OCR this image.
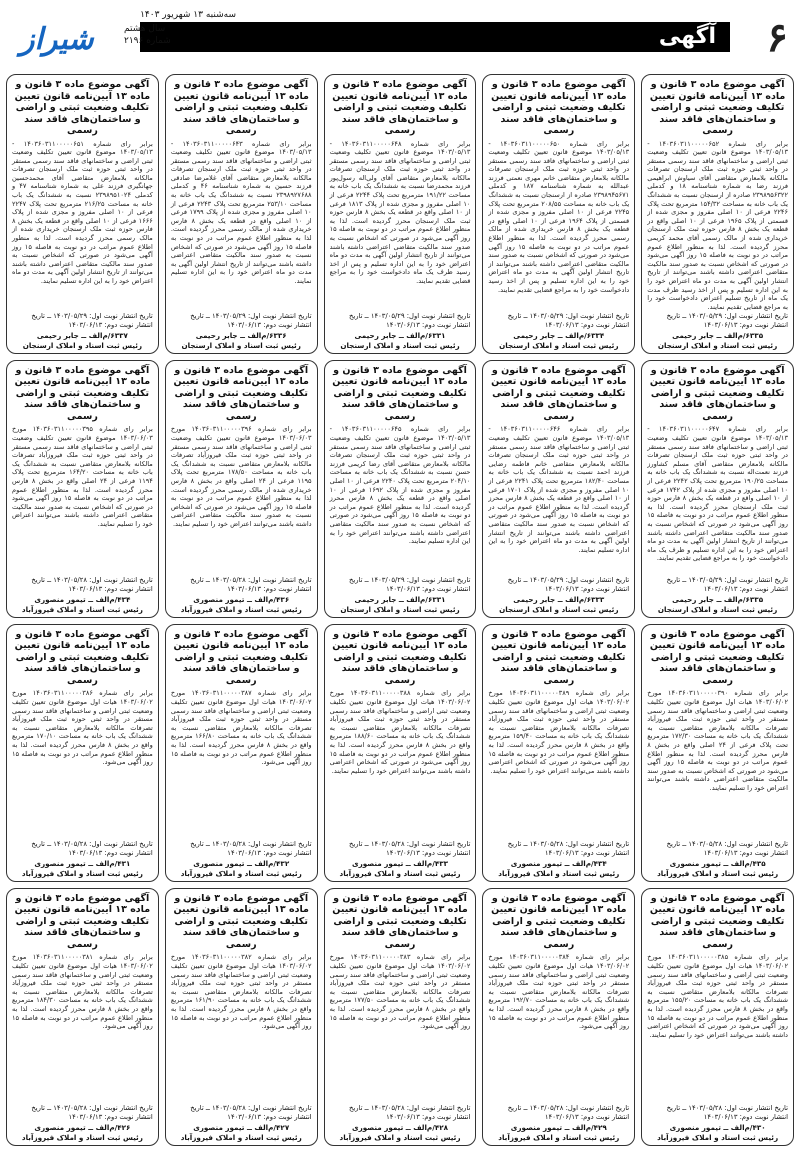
۶
آگهی
شیراز
سه‌شنبه ۱۳ شهریور ۱۴۰۳
سال هشتم
شماره ۲۱۹۶
آگهی موضوع ماده ۳ قانون و ماده ۱۳ آیین‌نامه قانون تعیین تکلیف وضعیت ثبتی و اراضی و ساختمان‌های فاقد سند رسمی
برابر رای شماره ۱۴۰۳۶۰۳۱۱۰۰۰۰۰۶۵۲ - ۱۴۰۳/۰۵/۱۳ موضوع قانون تعیین تکلیف وضعیت ثبتی اراضی و ساختمانهای فاقد سند رسمی مستقر در واحد ثبتی حوزه ثبت ملک ارسنجان تصرفات مالکانه بلامعارض متقاضی آقای سیاوش ابراهیمی فرزند رضا به شماره شناسنامه ۱۸ و کدملی ۲۳۹۸۹۵۶۳۲۲ صادره از ارسنجان نسبت به ششدانگ یک باب خانه به مساحت ۱۵۴/۳۲ مترمربع تحت پلاک ۲۲۴۶ فرعی از ۱۰ اصلی مفروز و مجزی شده از قسمتی از پلاک ۱۹۶۵ فرعی از ۱۰ اصلی واقع در قطعه یک بخش ۸ فارس حوزه ثبت ملک ارسنجان خریداری شده از مالک رسمی آقای محمد کریمی محرز گردیده است. لذا به منظور اطلاع عموم مراتب در دو نوبت به فاصله ۱۵ روز آگهی می‌شود در صورتی که اشخاص نسبت به صدور سند مالکیت متقاضی اعتراضی داشته باشند می‌توانند از تاریخ انتشار اولین آگهی به مدت دو ماه اعتراض خود را به این اداره تسلیم و پس از اخذ رسید ظرف مدت یک ماه از تاریخ تسلیم اعتراض دادخواست خود را به مراجع قضایی تقدیم نمایند.
تاریخ انتشار نوبت اول: ۱۴۰۳/۰۵/۲۹ ــ تاریخ انتشار نوبت دوم: ۱۴۰۳/۰۶/۱۳
۶۳۳۵/م‌الف ــ جابر رحیمی
رئیس ثبت اسناد و املاک ارسنجان
آگهی موضوع ماده ۳ قانون و ماده ۱۳ آیین‌نامه قانون تعیین تکلیف وضعیت ثبتی و اراضی و ساختمان‌های فاقد سند رسمی
برابر رای شماره ۱۴۰۳۶۰۳۱۱۰۰۰۰۰۶۵۰ - ۱۴۰۳/۰۵/۱۳ موضوع قانون تعیین تکلیف وضعیت ثبتی اراضی و ساختمانهای فاقد سند رسمی مستقر در واحد ثبتی حوزه ثبت ملک ارسنجان تصرفات مالکانه بلامعارض متقاضی خانم مهری نعمتی فرزند عبدالله به شماره شناسنامه ۱۸۷ و کدملی ۲۳۹۸۹۴۵۶۷۱ صادره از ارسنجان نسبت به ششدانگ یک باب خانه به مساحت ۲۰۸/۵۵ مترمربع تحت پلاک ۲۲۴۵ فرعی از ۱۰ اصلی مفروز و مجزی شده از قسمتی از پلاک ۱۹۶۴ فرعی از ۱۰ اصلی واقع در قطعه یک بخش ۸ فارس خریداری شده از مالک رسمی محرز گردیده است. لذا به منظور اطلاع عموم مراتب در دو نوبت به فاصله ۱۵ روز آگهی می‌شود در صورتی که اشخاص نسبت به صدور سند مالکیت متقاضی اعتراضی داشته باشند می‌توانند از تاریخ انتشار اولین آگهی به مدت دو ماه اعتراض خود را به این اداره تسلیم و پس از اخذ رسید دادخواست خود را به مراجع قضایی تقدیم نمایند.
تاریخ انتشار نوبت اول: ۱۴۰۳/۰۵/۲۹ ــ تاریخ انتشار نوبت دوم: ۱۴۰۳/۰۶/۱۳
۶۳۳۴/م‌الف ــ جابر رحیمی
رئیس ثبت اسناد و املاک ارسنجان
آگهی موضوع ماده ۳ قانون و ماده ۱۳ آیین‌نامه قانون تعیین تکلیف وضعیت ثبتی و اراضی و ساختمان‌های فاقد سند رسمی
برابر رای شماره ۱۴۰۳۶۰۳۱۱۰۰۰۰۰۶۴۸ - ۱۴۰۳/۰۵/۱۳ موضوع قانون تعیین تکلیف وضعیت ثبتی اراضی و ساختمانهای فاقد سند رسمی مستقر در واحد ثبتی حوزه ثبت ملک ارسنجان تصرفات مالکانه بلامعارض متقاضی آقای ولی‌اله رسول‌پور فرزند محمدرضا نسبت به ششدانگ یک باب خانه به مساحت ۱۹۱/۲۲ مترمربع تحت پلاک ۲۲۴۴ فرعی از ۱۰ اصلی مفروز و مجزی شده از پلاک ۱۸۱۳ فرعی از ۱۰ اصلی واقع در قطعه یک بخش ۸ فارس حوزه ثبت ملک ارسنجان محرز گردیده است. لذا به منظور اطلاع عموم مراتب در دو نوبت به فاصله ۱۵ روز آگهی می‌شود در صورتی که اشخاص نسبت به صدور سند مالکیت متقاضی اعتراضی داشته باشند می‌توانند از تاریخ انتشار اولین آگهی به مدت دو ماه اعتراض خود را به این اداره تسلیم و پس از اخذ رسید ظرف یک ماه دادخواست خود را به مراجع قضایی تقدیم نمایند.
تاریخ انتشار نوبت اول: ۱۴۰۳/۰۵/۲۹ ــ تاریخ انتشار نوبت دوم: ۱۴۰۳/۰۶/۱۳
۶۳۳۱/م‌الف ــ جابر رحیمی
رئیس ثبت اسناد و املاک ارسنجان
آگهی موضوع ماده ۳ قانون و ماده ۱۳ آیین‌نامه قانون تعیین تکلیف وضعیت ثبتی و اراضی و ساختمان‌های فاقد سند رسمی
برابر رای شماره ۱۴۰۳۶۰۳۱۱۰۰۰۰۰۶۴۳ - ۱۴۰۳/۰۵/۱۳ موضوع قانون تعیین تکلیف وضعیت ثبتی اراضی و ساختمانهای فاقد سند رسمی مستقر در واحد ثبتی حوزه ثبت ملک ارسنجان تصرفات مالکانه بلامعارض متقاضی آقای غلامرضا صادقی فرزند حسین به شماره شناسنامه ۴۶ و کدملی ۲۳۹۸۹۲۷۶۸۸ نسبت به ششدانگ یک باب خانه به مساحت ۲۵۳/۱۰ مترمربع تحت پلاک ۲۲۴۳ فرعی از ۱۰ اصلی مفروز و مجزی شده از پلاک ۱۷۹۹ فرعی از ۱۰ اصلی واقع در قطعه یک بخش ۸ فارس خریداری شده از مالک رسمی محرز گردیده است. لذا به منظور اطلاع عموم مراتب در دو نوبت به فاصله ۱۵ روز آگهی می‌شود در صورتی که اشخاص نسبت به صدور سند مالکیت متقاضی اعتراضی داشته باشند می‌توانند از تاریخ انتشار اولین آگهی به مدت دو ماه اعتراض خود را به این اداره تسلیم نمایند.
تاریخ انتشار نوبت اول: ۱۴۰۳/۰۵/۲۹ ــ تاریخ انتشار نوبت دوم: ۱۴۰۳/۰۶/۱۳
۶۳۳۶/م‌الف ــ جابر رحیمی
رئیس ثبت اسناد و املاک ارسنجان
آگهی موضوع ماده ۳ قانون و ماده ۱۳ آیین‌نامه قانون تعیین تکلیف وضعیت ثبتی و اراضی و ساختمان‌های فاقد سند رسمی
برابر رای شماره ۱۴۰۳۶۰۳۱۱۰۰۰۰۰۶۵۱ - ۱۴۰۳/۰۵/۱۳ موضوع قانون تعیین تکلیف وضعیت ثبتی اراضی و ساختمانهای فاقد سند رسمی مستقر در واحد ثبتی حوزه ثبت ملک ارسنجان تصرفات مالکانه بلامعارض متقاضی آقای محمدحسین جهانگیری فرزند علی به شماره شناسنامه ۴۷ و کدملی ۲۳۹۸۹۵۱۰۲۴ نسبت به ششدانگ یک باب خانه به مساحت ۲۱۶/۲۵ مترمربع تحت پلاک ۲۲۴۷ فرعی از ۱۰ اصلی مفروز و مجزی شده از پلاک ۱۶۶۶ فرعی از ۱۰ اصلی واقع در قطعه یک بخش ۸ فارس حوزه ثبت ملک ارسنجان خریداری شده از مالک رسمی محرز گردیده است. لذا به منظور اطلاع عموم مراتب در دو نوبت به فاصله ۱۵ روز آگهی می‌شود در صورتی که اشخاص نسبت به صدور سند مالکیت متقاضی اعتراضی داشته باشند می‌توانند از تاریخ انتشار اولین آگهی به مدت دو ماه اعتراض خود را به این اداره تسلیم نمایند.
تاریخ انتشار نوبت اول: ۱۴۰۳/۰۵/۲۹ ــ تاریخ انتشار نوبت دوم: ۱۴۰۳/۰۶/۱۳
۶۳۳۷/م‌الف ــ جابر رحیمی
رئیس ثبت اسناد و املاک ارسنجان
آگهی موضوع ماده ۳ قانون و ماده ۱۳ آیین‌نامه قانون تعیین تکلیف وضعیت ثبتی و اراضی و ساختمان‌های فاقد سند رسمی
برابر رای شماره ۱۴۰۳۶۰۳۱۱۰۰۰۰۰۶۴۷ - ۱۴۰۳/۰۵/۱۳ موضوع قانون تعیین تکلیف وضعیت ثبتی اراضی و ساختمانهای فاقد سند رسمی مستقر در واحد ثبتی حوزه ثبت ملک ارسنجان تصرفات مالکانه بلامعارض متقاضی آقای مسلم کشاورز فرزند نعمت‌اله نسبت به ششدانگ یک باب خانه به مساحت ۱۹۰/۲۵ مترمربع تحت پلاک ۲۲۴۲ فرعی از ۱۰ اصلی مفروز و مجزی شده از پلاک ۱۷۴۲ فرعی از ۱۰ اصلی واقع در قطعه یک بخش ۸ فارس حوزه ثبت ملک ارسنجان محرز گردیده است. لذا به منظور اطلاع عموم مراتب در دو نوبت به فاصله ۱۵ روز آگهی می‌شود در صورتی که اشخاص نسبت به صدور سند مالکیت متقاضی اعتراضی داشته باشند می‌توانند از تاریخ انتشار اولین آگهی به مدت دو ماه اعتراض خود را به این اداره تسلیم و ظرف یک ماه دادخواست خود را به مراجع قضایی تقدیم نمایند.
تاریخ انتشار نوبت اول: ۱۴۰۳/۰۵/۲۹ ــ تاریخ انتشار نوبت دوم: ۱۴۰۳/۰۶/۱۳
۶۳۳۵/م‌الف ــ جابر رحیمی
رئیس ثبت اسناد و املاک ارسنجان
آگهی موضوع ماده ۳ قانون و ماده ۱۳ آیین‌نامه قانون تعیین تکلیف وضعیت ثبتی و اراضی و ساختمان‌های فاقد سند رسمی
برابر رای شماره ۱۴۰۳۶۰۳۱۱۰۰۰۰۰۶۴۶ - ۱۴۰۳/۰۵/۱۳ موضوع قانون تعیین تکلیف وضعیت ثبتی اراضی و ساختمانهای فاقد سند رسمی مستقر در واحد ثبتی حوزه ثبت ملک ارسنجان تصرفات مالکانه بلامعارض متقاضی خانم فاطمه رضایی فرزند احمد نسبت به ششدانگ یک باب خانه به مساحت ۱۸۲/۴۰ مترمربع تحت پلاک ۲۲۴۱ فرعی از ۱۰ اصلی مفروز و مجزی شده از پلاک ۱۷۰۱ فرعی از ۱۰ اصلی واقع در قطعه یک بخش ۸ فارس محرز گردیده است. لذا به منظور اطلاع عموم مراتب در دو نوبت به فاصله ۱۵ روز آگهی می‌شود در صورتی که اشخاص نسبت به صدور سند مالکیت متقاضی اعتراضی داشته باشند می‌توانند از تاریخ انتشار اولین آگهی به مدت دو ماه اعتراض خود را به این اداره تسلیم نمایند.
تاریخ انتشار نوبت اول: ۱۴۰۳/۰۵/۲۹ ــ تاریخ انتشار نوبت دوم: ۱۴۰۳/۰۶/۱۳
۶۳۳۳/م‌الف ــ جابر رحیمی
رئیس ثبت اسناد و املاک ارسنجان
آگهی موضوع ماده ۳ قانون و ماده ۱۳ آیین‌نامه قانون تعیین تکلیف وضعیت ثبتی و اراضی و ساختمان‌های فاقد سند رسمی
برابر رای شماره ۱۴۰۳۶۰۳۱۱۰۰۰۰۰۶۴۵ - ۱۴۰۳/۰۵/۱۳ موضوع قانون تعیین تکلیف وضعیت ثبتی اراضی و ساختمانهای فاقد سند رسمی مستقر در واحد ثبتی حوزه ثبت ملک ارسنجان تصرفات مالکانه بلامعارض متقاضی آقای رضا کریمی فرزند حسن نسبت به ششدانگ یک باب خانه به مساحت ۲۰۴/۱۰ مترمربع تحت پلاک ۲۲۴۰ فرعی از ۱۰ اصلی مفروز و مجزی شده از پلاک ۱۶۹۲ فرعی از ۱۰ اصلی واقع در قطعه یک بخش ۸ فارس محرز گردیده است. لذا به منظور اطلاع عموم مراتب در دو نوبت به فاصله ۱۵ روز آگهی می‌شود در صورتی که اشخاص نسبت به صدور سند مالکیت متقاضی اعتراضی داشته باشند می‌توانند اعتراض خود را به این اداره تسلیم نمایند.
تاریخ انتشار نوبت اول: ۱۴۰۳/۰۵/۲۹ ــ تاریخ انتشار نوبت دوم: ۱۴۰۳/۰۶/۱۳
۶۳۳۱/م‌الف ــ جابر رحیمی
رئیس ثبت اسناد و املاک ارسنجان
آگهی موضوع ماده ۳ قانون و ماده ۱۳ آیین‌نامه قانون تعیین تکلیف وضعیت ثبتی و اراضی و ساختمان‌های فاقد سند رسمی
برابر رای شماره ۱۴۰۳۶۰۳۱۱۰۰۰۰۰۳۹۶ مورخ ۱۴۰۳/۰۶/۰۳ موضوع قانون تعیین تکلیف وضعیت ثبتی اراضی و ساختمانهای فاقد سند رسمی مستقر در واحد ثبتی حوزه ثبت ملک فیروزآباد تصرفات مالکانه بلامعارض متقاضی نسبت به ششدانگ یک باب خانه به مساحت ۱۷۸/۵۰ مترمربع تحت پلاک ۱۱۹۵ فرعی از ۲۴ اصلی واقع در بخش ۸ فارس خریداری شده از مالک رسمی محرز گردیده است. لذا به منظور اطلاع عموم مراتب در دو نوبت به فاصله ۱۵ روز آگهی می‌شود در صورتی که اشخاص نسبت به صدور سند مالکیت متقاضی اعتراضی داشته باشند می‌توانند اعتراض خود را تسلیم نمایند.
تاریخ انتشار نوبت اول: ۱۴۰۳/۰۵/۲۸ ــ تاریخ انتشار نوبت دوم: ۱۴۰۳/۰۶/۱۳
۴۳۶/م‌الف ــ تیمور منصوری
رئیس ثبت اسناد و املاک فیروزآباد
آگهی موضوع ماده ۳ قانون و ماده ۱۳ آیین‌نامه قانون تعیین تکلیف وضعیت ثبتی و اراضی و ساختمان‌های فاقد سند رسمی
برابر رای شماره ۱۴۰۳۶۰۳۱۱۰۰۰۰۰۳۹۵ مورخ ۱۴۰۳/۰۶/۰۳ موضوع قانون تعیین تکلیف وضعیت ثبتی اراضی و ساختمانهای فاقد سند رسمی مستقر در واحد ثبتی حوزه ثبت ملک فیروزآباد تصرفات مالکانه بلامعارض متقاضی نسبت به ششدانگ یک باب خانه به مساحت ۱۶۴/۲۰ مترمربع تحت پلاک ۱۱۹۴ فرعی از ۲۴ اصلی واقع در بخش ۸ فارس محرز گردیده است. لذا به منظور اطلاع عموم مراتب در دو نوبت به فاصله ۱۵ روز آگهی می‌شود در صورتی که اشخاص نسبت به صدور سند مالکیت متقاضی اعتراضی داشته باشند می‌توانند اعتراض خود را تسلیم نمایند.
تاریخ انتشار نوبت اول: ۱۴۰۳/۰۵/۲۸ ــ تاریخ انتشار نوبت دوم: ۱۴۰۳/۰۶/۱۳
۴۳۴/م‌الف ــ تیمور منصوری
رئیس ثبت اسناد و املاک فیروزآباد
آگهی موضوع ماده ۳ قانون و ماده ۱۳ آیین‌نامه قانون تعیین تکلیف وضعیت ثبتی و اراضی و ساختمان‌های فاقد سند رسمی
برابر رای شماره ۱۴۰۳۶۰۳۱۱۰۰۰۰۰۳۹۰ مورخ ۱۴۰۳/۰۶/۰۲ هیات اول موضوع قانون تعیین تکلیف وضعیت ثبتی اراضی و ساختمانهای فاقد سند رسمی مستقر در واحد ثبتی حوزه ثبت ملک فیروزآباد تصرفات مالکانه بلامعارض متقاضی نسبت به ششدانگ یک باب خانه به مساحت ۱۷۲/۳۰ مترمربع تحت پلاک فرعی از ۲۴ اصلی واقع در بخش ۸ فارس محرز گردیده است. لذا به منظور اطلاع عموم مراتب در دو نوبت به فاصله ۱۵ روز آگهی می‌شود در صورتی که اشخاص نسبت به صدور سند مالکیت متقاضی اعتراضی داشته باشند می‌توانند اعتراض خود را تسلیم نمایند.
تاریخ انتشار نوبت اول: ۱۴۰۳/۰۵/۲۸ ــ تاریخ انتشار نوبت دوم: ۱۴۰۳/۰۶/۱۳
۴۳۵/م‌الف ــ تیمور منصوری
رئیس ثبت اسناد و املاک فیروزآباد
آگهی موضوع ماده ۳ قانون و ماده ۱۳ آیین‌نامه قانون تعیین تکلیف وضعیت ثبتی و اراضی و ساختمان‌های فاقد سند رسمی
برابر رای شماره ۱۴۰۳۶۰۳۱۱۰۰۰۰۰۳۸۹ مورخ ۱۴۰۳/۰۶/۰۲ هیات اول موضوع قانون تعیین تکلیف وضعیت ثبتی اراضی و ساختمانهای فاقد سند رسمی مستقر در واحد ثبتی حوزه ثبت ملک فیروزآباد تصرفات مالکانه بلامعارض متقاضی نسبت به ششدانگ یک باب خانه به مساحت ۱۵۹/۴۰ مترمربع واقع در بخش ۸ فارس محرز گردیده است. لذا به منظور اطلاع عموم مراتب در دو نوبت به فاصله ۱۵ روز آگهی می‌شود در صورتی که اشخاص اعتراضی داشته باشند می‌توانند اعتراض خود را تسلیم نمایند.
تاریخ انتشار نوبت اول: ۱۴۰۳/۰۵/۲۸ ــ تاریخ انتشار نوبت دوم: ۱۴۰۳/۰۶/۱۳
۴۳۴/م‌الف ــ تیمور منصوری
رئیس ثبت اسناد و املاک فیروزآباد
آگهی موضوع ماده ۳ قانون و ماده ۱۳ آیین‌نامه قانون تعیین تکلیف وضعیت ثبتی و اراضی و ساختمان‌های فاقد سند رسمی
برابر رای شماره ۱۴۰۳۶۰۳۱۱۰۰۰۰۰۳۸۸ مورخ ۱۴۰۳/۰۶/۰۲ هیات اول موضوع قانون تعیین تکلیف وضعیت ثبتی اراضی و ساختمانهای فاقد سند رسمی مستقر در واحد ثبتی حوزه ثبت ملک فیروزآباد تصرفات مالکانه بلامعارض متقاضی نسبت به ششدانگ یک باب خانه به مساحت ۱۸۸/۶۰ مترمربع واقع در بخش ۸ فارس محرز گردیده است. لذا به منظور اطلاع عموم مراتب در دو نوبت به فاصله ۱۵ روز آگهی می‌شود در صورتی که اشخاص اعتراضی داشته باشند می‌توانند اعتراض خود را تسلیم نمایند.
تاریخ انتشار نوبت اول: ۱۴۰۳/۰۵/۲۸ ــ تاریخ انتشار نوبت دوم: ۱۴۰۳/۰۶/۱۳
۴۳۳/م‌الف ــ تیمور منصوری
رئیس ثبت اسناد و املاک فیروزآباد
آگهی موضوع ماده ۳ قانون و ماده ۱۳ آیین‌نامه قانون تعیین تکلیف وضعیت ثبتی و اراضی و ساختمان‌های فاقد سند رسمی
برابر رای شماره ۱۴۰۳۶۰۳۱۱۰۰۰۰۰۳۸۷ مورخ ۱۴۰۳/۰۶/۰۲ هیات اول موضوع قانون تعیین تکلیف وضعیت ثبتی اراضی و ساختمانهای فاقد سند رسمی مستقر در واحد ثبتی حوزه ثبت ملک فیروزآباد تصرفات مالکانه بلامعارض متقاضی نسبت به ششدانگ یک باب خانه به مساحت ۱۶۶/۸۰ مترمربع واقع در بخش ۸ فارس محرز گردیده است. لذا به منظور اطلاع عموم مراتب در دو نوبت به فاصله ۱۵ روز آگهی می‌شود.
تاریخ انتشار نوبت اول: ۱۴۰۳/۰۵/۲۸ ــ تاریخ انتشار نوبت دوم: ۱۴۰۳/۰۶/۱۳
۴۳۲/م‌الف ــ تیمور منصوری
رئیس ثبت اسناد و املاک فیروزآباد
آگهی موضوع ماده ۳ قانون و ماده ۱۳ آیین‌نامه قانون تعیین تکلیف وضعیت ثبتی و اراضی و ساختمان‌های فاقد سند رسمی
برابر رای شماره ۱۴۰۳۶۰۳۱۱۰۰۰۰۰۳۸۶ مورخ ۱۴۰۳/۰۶/۰۲ هیات اول موضوع قانون تعیین تکلیف وضعیت ثبتی اراضی و ساختمانهای فاقد سند رسمی مستقر در واحد ثبتی حوزه ثبت ملک فیروزآباد تصرفات مالکانه بلامعارض متقاضی نسبت به ششدانگ یک باب خانه به مساحت ۱۷۰/۱۰ مترمربع واقع در بخش ۸ فارس محرز گردیده است. لذا به منظور اطلاع عموم مراتب در دو نوبت به فاصله ۱۵ روز آگهی می‌شود.
تاریخ انتشار نوبت اول: ۱۴۰۳/۰۵/۲۸ ــ تاریخ انتشار نوبت دوم: ۱۴۰۳/۰۶/۱۳
۴۳۱/م‌الف ــ تیمور منصوری
رئیس ثبت اسناد و املاک فیروزآباد
آگهی موضوع ماده ۳ قانون و ماده ۱۳ آیین‌نامه قانون تعیین تکلیف وضعیت ثبتی و اراضی و ساختمان‌های فاقد سند رسمی
برابر رای شماره ۱۴۰۳۶۰۳۱۱۰۰۰۰۰۳۸۵ مورخ ۱۴۰۳/۰۶/۰۲ هیات اول موضوع قانون تعیین تکلیف وضعیت ثبتی اراضی و ساختمانهای فاقد سند رسمی مستقر در واحد ثبتی حوزه ثبت ملک فیروزآباد تصرفات مالکانه بلامعارض متقاضی نسبت به ششدانگ یک باب خانه به مساحت ۱۵۵/۲۰ مترمربع واقع در بخش ۸ فارس محرز گردیده است. لذا به منظور اطلاع عموم مراتب در دو نوبت به فاصله ۱۵ روز آگهی می‌شود در صورتی که اشخاص اعتراضی داشته باشند می‌توانند اعتراض خود را تسلیم نمایند.
تاریخ انتشار نوبت اول: ۱۴۰۳/۰۵/۲۸ ــ تاریخ انتشار نوبت دوم: ۱۴۰۳/۰۶/۱۳
۴۳۰/م‌الف ــ تیمور منصوری
رئیس ثبت اسناد و املاک فیروزآباد
آگهی موضوع ماده ۳ قانون و ماده ۱۳ آیین‌نامه قانون تعیین تکلیف وضعیت ثبتی و اراضی و ساختمان‌های فاقد سند رسمی
برابر رای شماره ۱۴۰۳۶۰۳۱۱۰۰۰۰۰۳۸۴ مورخ ۱۴۰۳/۰۶/۰۲ هیات اول موضوع قانون تعیین تکلیف وضعیت ثبتی اراضی و ساختمانهای فاقد سند رسمی مستقر در واحد ثبتی حوزه ثبت ملک فیروزآباد تصرفات مالکانه بلامعارض متقاضی نسبت به ششدانگ یک باب خانه به مساحت ۱۹۲/۷۰ مترمربع واقع در بخش ۸ فارس محرز گردیده است. لذا به منظور اطلاع عموم مراتب در دو نوبت به فاصله ۱۵ روز آگهی می‌شود.
تاریخ انتشار نوبت اول: ۱۴۰۳/۰۵/۲۸ ــ تاریخ انتشار نوبت دوم: ۱۴۰۳/۰۶/۱۳
۴۲۹/م‌الف ــ تیمور منصوری
رئیس ثبت اسناد و املاک فیروزآباد
آگهی موضوع ماده ۳ قانون و ماده ۱۳ آیین‌نامه قانون تعیین تکلیف وضعیت ثبتی و اراضی و ساختمان‌های فاقد سند رسمی
برابر رای شماره ۱۴۰۳۶۰۳۱۱۰۰۰۰۰۳۸۳ مورخ ۱۴۰۳/۰۶/۰۲ هیات اول موضوع قانون تعیین تکلیف وضعیت ثبتی اراضی و ساختمانهای فاقد سند رسمی مستقر در واحد ثبتی حوزه ثبت ملک فیروزآباد تصرفات مالکانه بلامعارض متقاضی نسبت به ششدانگ یک باب خانه به مساحت ۱۷۷/۵۰ مترمربع واقع در بخش ۸ فارس محرز گردیده است. لذا به منظور اطلاع عموم مراتب در دو نوبت به فاصله ۱۵ روز آگهی می‌شود.
تاریخ انتشار نوبت اول: ۱۴۰۳/۰۵/۲۸ ــ تاریخ انتشار نوبت دوم: ۱۴۰۳/۰۶/۱۳
۴۲۸/م‌الف ــ تیمور منصوری
رئیس ثبت اسناد و املاک فیروزآباد
آگهی موضوع ماده ۳ قانون و ماده ۱۳ آیین‌نامه قانون تعیین تکلیف وضعیت ثبتی و اراضی و ساختمان‌های فاقد سند رسمی
برابر رای شماره ۱۴۰۳۶۰۳۱۱۰۰۰۰۰۳۸۲ مورخ ۱۴۰۳/۰۶/۰۲ هیات اول موضوع قانون تعیین تکلیف وضعیت ثبتی اراضی و ساختمانهای فاقد سند رسمی مستقر در واحد ثبتی حوزه ثبت ملک فیروزآباد تصرفات مالکانه بلامعارض متقاضی نسبت به ششدانگ یک باب خانه به مساحت ۱۶۱/۹۰ مترمربع واقع در بخش ۸ فارس محرز گردیده است. لذا به منظور اطلاع عموم مراتب در دو نوبت به فاصله ۱۵ روز آگهی می‌شود.
تاریخ انتشار نوبت اول: ۱۴۰۳/۰۵/۲۸ ــ تاریخ انتشار نوبت دوم: ۱۴۰۳/۰۶/۱۳
۴۲۷/م‌الف ــ تیمور منصوری
رئیس ثبت اسناد و املاک فیروزآباد
آگهی موضوع ماده ۳ قانون و ماده ۱۳ آیین‌نامه قانون تعیین تکلیف وضعیت ثبتی و اراضی و ساختمان‌های فاقد سند رسمی
برابر رای شماره ۱۴۰۳۶۰۳۱۱۰۰۰۰۰۳۸۱ مورخ ۱۴۰۳/۰۶/۰۲ هیات اول موضوع قانون تعیین تکلیف وضعیت ثبتی اراضی و ساختمانهای فاقد سند رسمی مستقر در واحد ثبتی حوزه ثبت ملک فیروزآباد تصرفات مالکانه بلامعارض متقاضی نسبت به ششدانگ یک باب خانه به مساحت ۱۸۴/۳۰ مترمربع واقع در بخش ۸ فارس محرز گردیده است. لذا به منظور اطلاع عموم مراتب در دو نوبت به فاصله ۱۵ روز آگهی می‌شود.
تاریخ انتشار نوبت اول: ۱۴۰۳/۰۵/۲۸ ــ تاریخ انتشار نوبت دوم: ۱۴۰۳/۰۶/۱۳
۴۲۶/م‌الف ــ تیمور منصوری
رئیس ثبت اسناد و املاک فیروزآباد
